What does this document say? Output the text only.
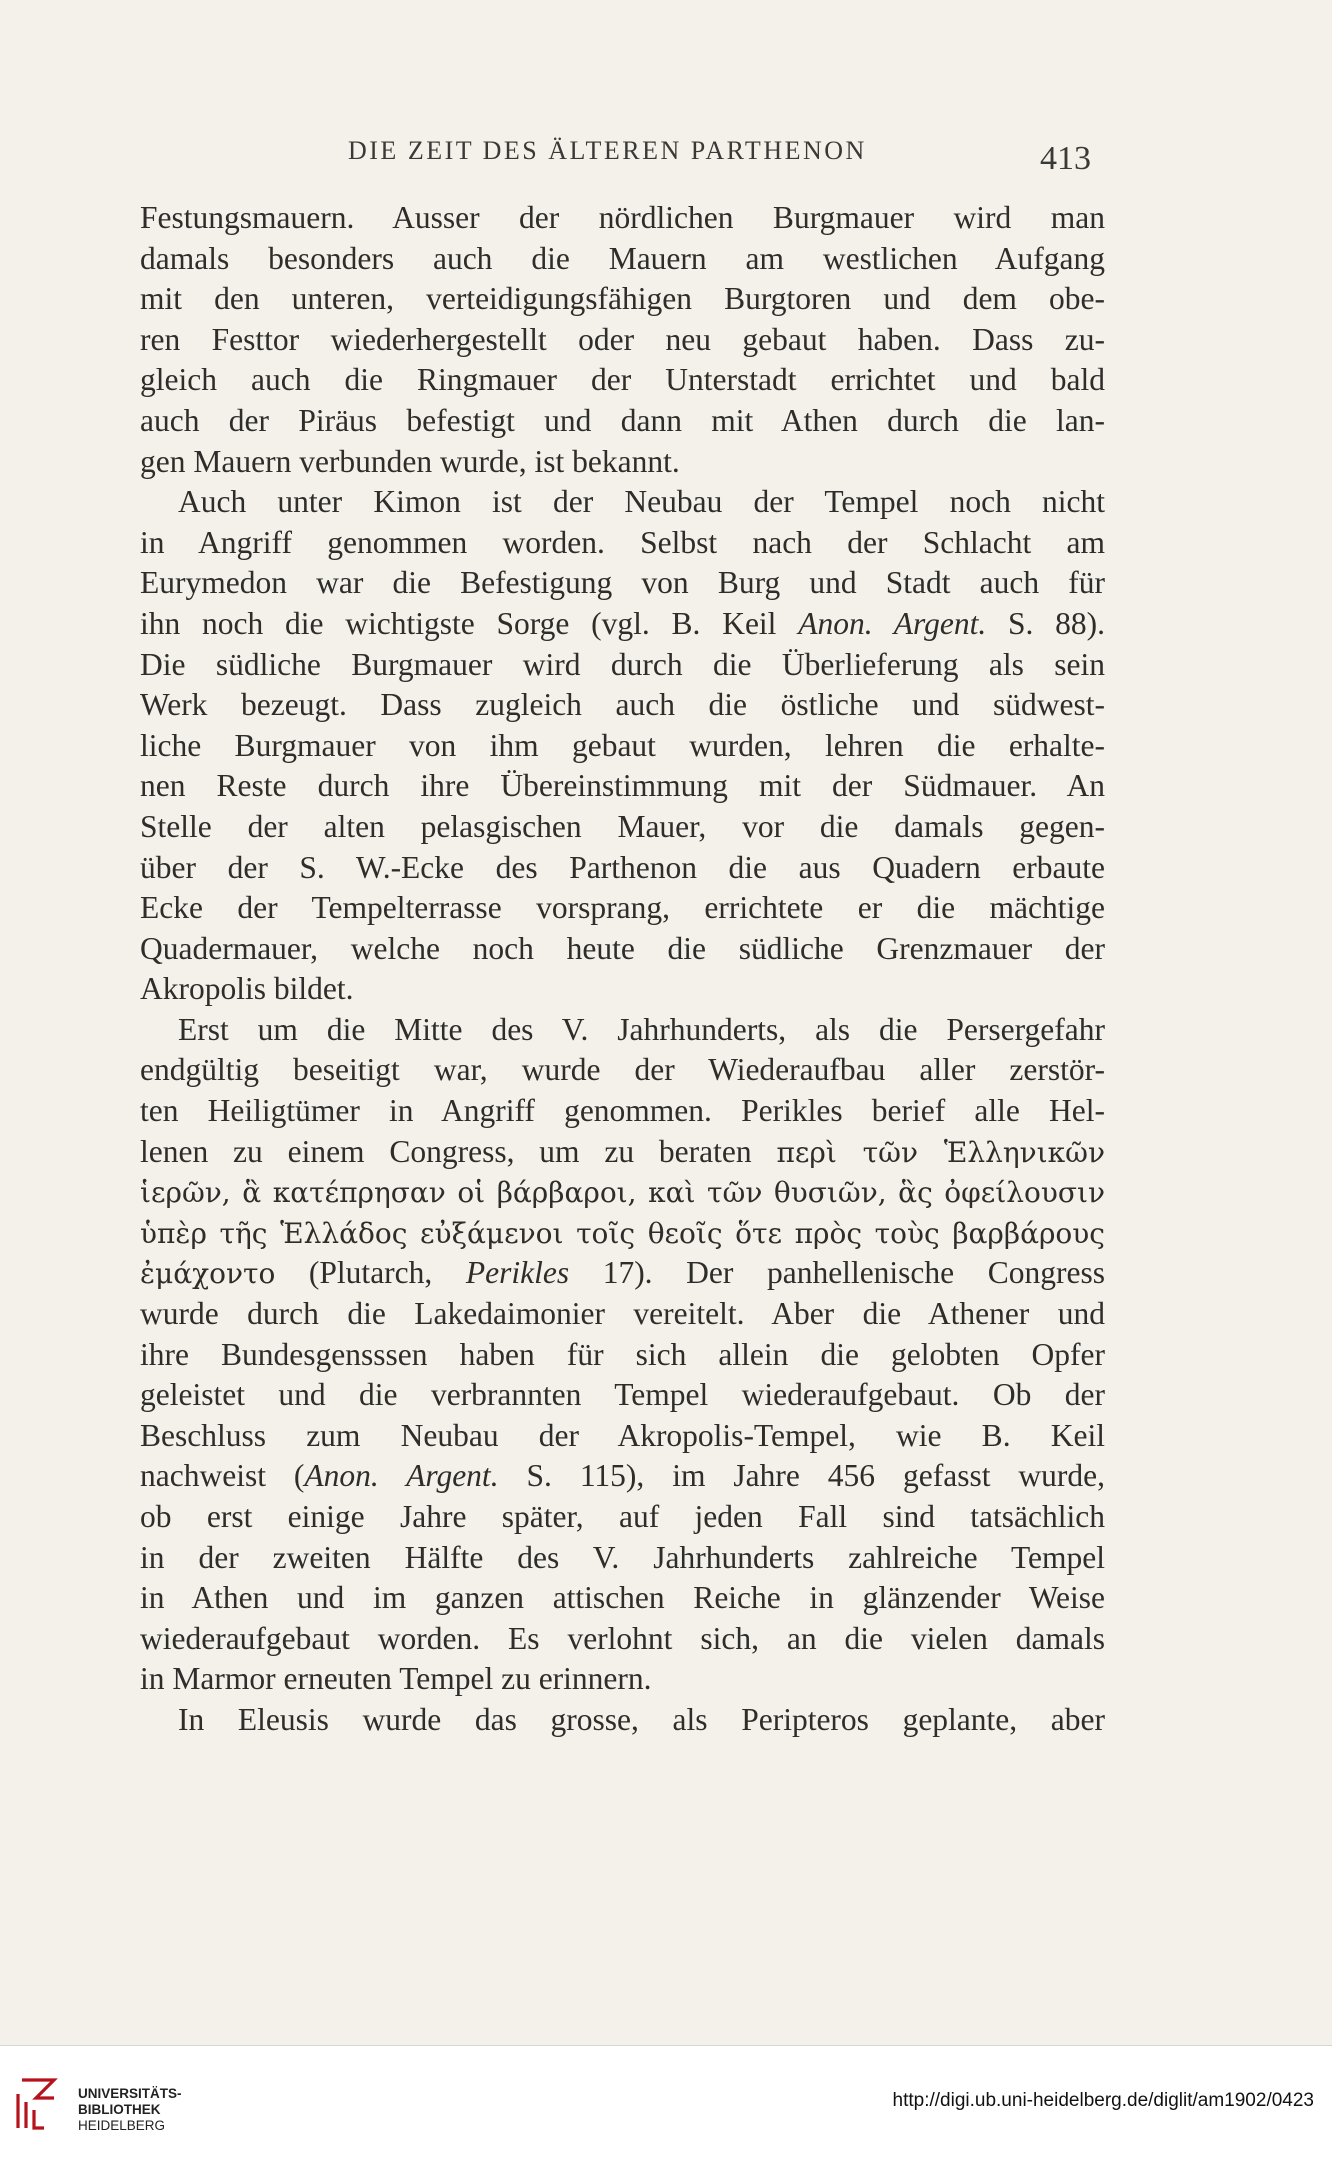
DIE ZEIT DES ÄLTEREN PARTHENON	413
Festungsmauern. Ausser der nördlichen Burgmauer wird man
damals besonders auch die Mauern am westlichen Aufgang
mit den unteren, verteidigungsfähigen Burgtoren und dem obe-
ren Festtor wiederhergestellt oder neu gebaut haben. Dass zu-
gleich auch die Ringmauer der Unterstadt errichtet und bald
auch der Piräus befestigt und dann mit Athen durch die lan-
gen Mauern verbunden wurde, ist bekannt.
Auch unter Kimon ist der Neubau der Tempel noch nicht
in Angriff genommen worden. Selbst nach der Schlacht am
Eurymedon war die Befestigung von Burg und Stadt auch für
ihn noch die wichtigste Sorge (vgl. B. Keil Anon. Argent. S. 88).
Die südliche Burgmauer wird durch die Überlieferung als sein
Werk bezeugt. Dass zugleich auch die östliche und südwest-
liche Burgmauer von ihm gebaut wurden, lehren die erhalte-
nen Reste durch ihre Übereinstimmung mit der Südmauer. An
Stelle der alten pelasgischen Mauer, vor die damals gegen-
über der S. W.-Ecke des Parthenon die aus Quadern erbaute
Ecke der Tempelterrasse vorsprang, errichtete er die mächtige
Quadermauer, welche noch heute die südliche Grenzmauer der
Akropolis bildet.
Erst um die Mitte des V. Jahrhunderts, als die Persergefahr
endgültig beseitigt war, wurde der Wiederaufbau aller zerstör-
ten Heiligtümer in Angriff genommen. Perikles berief alle Hel-
lenen zu einem Congress, um zu beraten περὶ τῶν Ἑλληνικῶν
ἱερῶν, ἃ κατέπρησαν οἱ βάρβαροι, καὶ τῶν θυσιῶν, ἃς ὀφείλουσιν
ὑπὲρ τῆς Ἑλλάδος εὐξάμενοι τοῖς θεοῖς ὅτε πρὸς τοὺς βαρβάρους
ἐμάχοντο (Plutarch, Perikles 17). Der panhellenische Congress
wurde durch die Lakedaimonier vereitelt. Aber die Athener und
ihre Bundesgensssen haben für sich allein die gelobten Opfer
geleistet und die verbrannten Tempel wiederaufgebaut. Ob der
Beschluss zum Neubau der Akropolis-Tempel, wie B. Keil
nachweist (Anon. Argent. S. 115), im Jahre 456 gefasst wurde,
ob erst einige Jahre später, auf jeden Fall sind tatsächlich
in der zweiten Hälfte des V. Jahrhunderts zahlreiche Tempel
in Athen und im ganzen attischen Reiche in glänzender Weise
wiederaufgebaut worden. Es verlohnt sich, an die vielen damals
in Marmor erneuten Tempel zu erinnern.
In Eleusis wurde das grosse, als Peripteros geplante, aber
UNIVERSITÄTS-
BIBLIOTHEK
HEIDELBERG
http://digi.ub.uni-heidelberg.de/diglit/am1902/0423
